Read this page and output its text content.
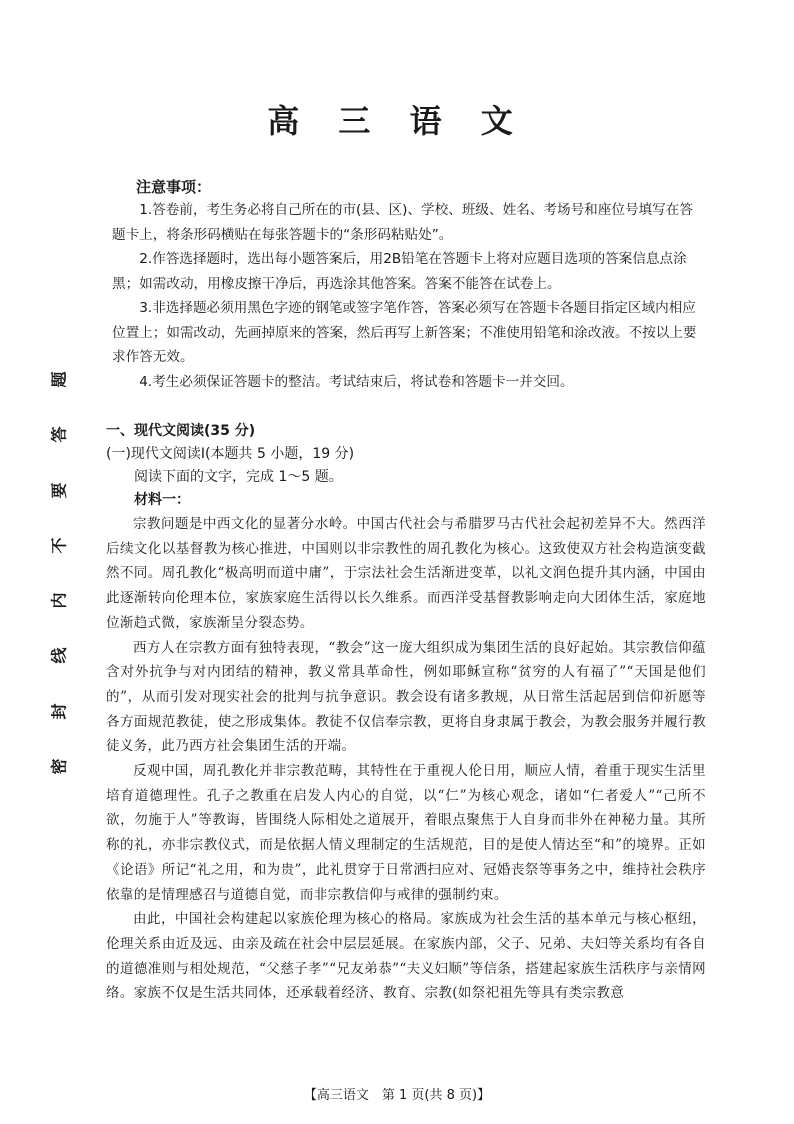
高 三 语 文
题
答
要
不
内
线
封
密
注意事项：
1.答卷前，考生务必将自己所在的市(县、区)、学校、班级、姓名、考场号和座位号填写在答题卡上，将条形码横贴在每张答题卡的“条形码粘贴处”。
2.作答选择题时，选出每小题答案后，用2B铅笔在答题卡上将对应题目选项的答案信息点涂黑；如需改动，用橡皮擦干净后，再选涂其他答案。答案不能答在试卷上。
3.非选择题必须用黑色字迹的钢笔或签字笔作答，答案必须写在答题卡各题目指定区域内相应位置上；如需改动，先画掉原来的答案，然后再写上新答案；不准使用铅笔和涂改液。不按以上要求作答无效。
4.考生必须保证答题卡的整洁。考试结束后，将试卷和答题卡一并交回。
一、现代文阅读(35 分)
(一)现代文阅读Ⅰ(本题共 5 小题，19 分)
阅读下面的文字，完成 1～5 题。
材料一：

宗教问题是中西文化的显著分水岭。中国古代社会与希腊罗马古代社会起初差异不大。然西洋后续文化以基督教为核心推进，中国则以非宗教性的周孔教化为核心。这致使双方社会构造演变截然不同。周孔教化“极高明而道中庸”，于宗法社会生活渐进变革，以礼文润色提升其内涵，中国由此逐渐转向伦理本位，家族家庭生活得以长久维系。而西洋受基督教影响走向大团体生活，家庭地位渐趋式微，家族渐呈分裂态势。

西方人在宗教方面有独特表现，“教会”这一庞大组织成为集团生活的良好起始。其宗教信仰蕴含对外抗争与对内团结的精神，教义常具革命性，例如耶稣宣称“贫穷的人有福了”“天国是他们的”，从而引发对现实社会的批判与抗争意识。教会设有诸多教规，从日常生活起居到信仰祈愿等各方面规范教徒，使之形成集体。教徒不仅信奉宗教，更将自身隶属于教会，为教会服务并履行教徒义务，此乃西方社会集团生活的开端。

反观中国，周孔教化并非宗教范畴，其特性在于重视人伦日用，顺应人情，着重于现实生活里培育道德理性。孔子之教重在启发人内心的自觉，以“仁”为核心观念，诸如“仁者爱人”“己所不欲，勿施于人”等教诲，皆围绕人际相处之道展开，着眼点聚焦于人自身而非外在神秘力量。其所称的礼，亦非宗教仪式，而是依据人情义理制定的生活规范，目的是使人情达至“和”的境界。正如《论语》所记“礼之用，和为贵”，此礼贯穿于日常洒扫应对、冠婚丧祭等事务之中，维持社会秩序依靠的是情理感召与道德自觉，而非宗教信仰与戒律的强制约束。

由此，中国社会构建起以家族伦理为核心的格局。家族成为社会生活的基本单元与核心枢纽，伦理关系由近及远、由亲及疏在社会中层层延展。在家族内部，父子、兄弟、夫妇等关系均有各自的道德准则与相处规范，“父慈子孝”“兄友弟恭”“夫义妇顺”等信条，搭建起家族生活秩序与亲情网络。家族不仅是生活共同体，还承载着经济、教育、宗教(如祭祀祖先等具有类宗教意

【高三语文　第 1 页(共 8 页)】
